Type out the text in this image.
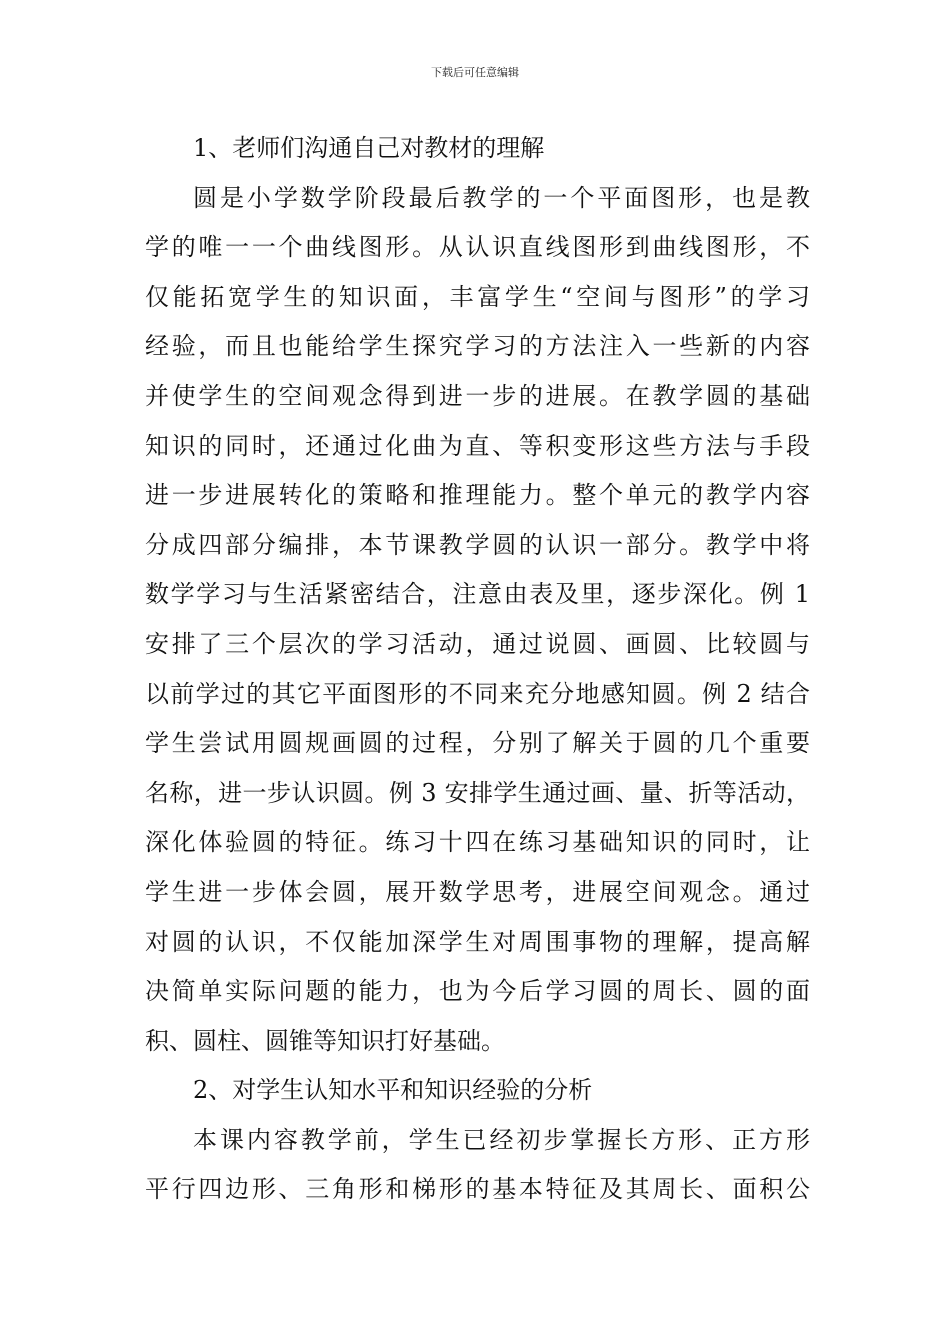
下载后可任意编辑
1、老师们沟通自己对教材的理解
圆是小学数学阶段最后教学的一个平面图形，也是教
学的唯一一个曲线图形。从认识直线图形到曲线图形，不
仅能拓宽学生的知识面，丰富学生“空间与图形”的学习
经验，而且也能给学生探究学习的方法注入一些新的内容
并使学生的空间观念得到进一步的进展。在教学圆的基础
知识的同时，还通过化曲为直、等积变形这些方法与手段
进一步进展转化的策略和推理能力。整个单元的教学内容
分成四部分编排，本节课教学圆的认识一部分。教学中将
数学学习与生活紧密结合，注意由表及里，逐步深化。例 1
安排了三个层次的学习活动，通过说圆、画圆、比较圆与
以前学过的其它平面图形的不同来充分地感知圆。例 2 结合
学生尝试用圆规画圆的过程，分别了解关于圆的几个重要
名称，进一步认识圆。例 3 安排学生通过画、量、折等活动，
深化体验圆的特征。练习十四在练习基础知识的同时，让
学生进一步体会圆，展开数学思考，进展空间观念。通过
对圆的认识，不仅能加深学生对周围事物的理解，提高解
决简单实际问题的能力，也为今后学习圆的周长、圆的面
积、圆柱、圆锥等知识打好基础。
2、对学生认知水平和知识经验的分析
本课内容教学前，学生已经初步掌握长方形、正方形
平行四边形、三角形和梯形的基本特征及其周长、面积公
